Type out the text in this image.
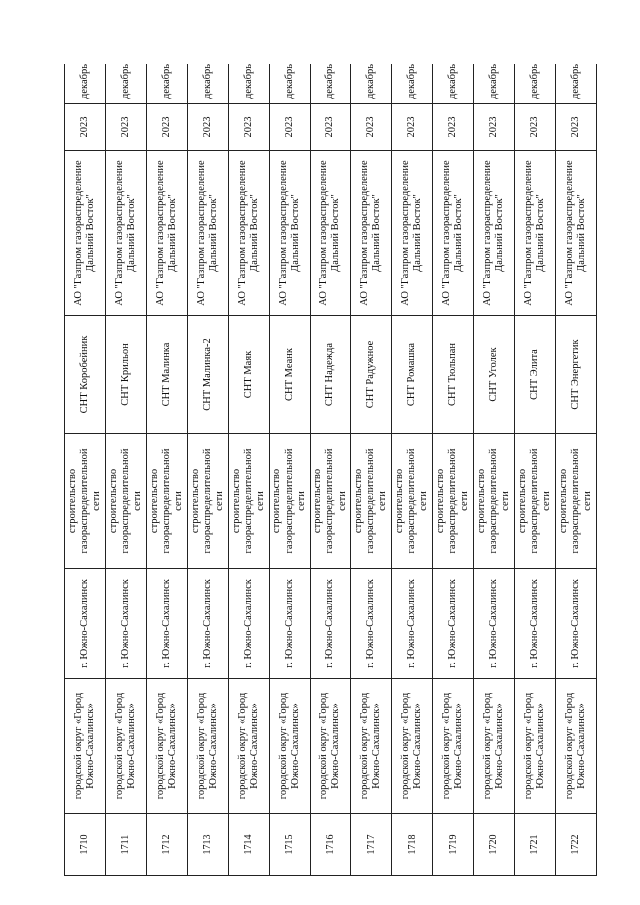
1710	городской округ «Город Южно-Сахалинск»	г. Южно-Сахалинск	строительство газораспределительной сети	СНТ Коробейник	АО "Газпром газораспределение Дальний Восток"	2023	декабрь
1711	городской округ «Город Южно-Сахалинск»	г. Южно-Сахалинск	строительство газораспределительной сети	СНТ Крильон	АО "Газпром газораспределение Дальний Восток"	2023	декабрь
1712	городской округ «Город Южно-Сахалинск»	г. Южно-Сахалинск	строительство газораспределительной сети	СНТ Малинка	АО "Газпром газораспределение Дальний Восток"	2023	декабрь
1713	городской округ «Город Южно-Сахалинск»	г. Южно-Сахалинск	строительство газораспределительной сети	СНТ Малинка-2	АО "Газпром газораспределение Дальний Восток"	2023	декабрь
1714	городской округ «Город Южно-Сахалинск»	г. Южно-Сахалинск	строительство газораспределительной сети	СНТ Маяк	АО "Газпром газораспределение Дальний Восток"	2023	декабрь
1715	городской округ «Город Южно-Сахалинск»	г. Южно-Сахалинск	строительство газораспределительной сети	СНТ Меанк	АО "Газпром газораспределение Дальний Восток"	2023	декабрь
1716	городской округ «Город Южно-Сахалинск»	г. Южно-Сахалинск	строительство газораспределительной сети	СНТ Надежда	АО "Газпром газораспределение Дальний Восток"	2023	декабрь
1717	городской округ «Город Южно-Сахалинск»	г. Южно-Сахалинск	строительство газораспределительной сети	СНТ Радужное	АО "Газпром газораспределение Дальний Восток"	2023	декабрь
1718	городской округ «Город Южно-Сахалинск»	г. Южно-Сахалинск	строительство газораспределительной сети	СНТ Ромашка	АО "Газпром газораспределение Дальний Восток"	2023	декабрь
1719	городской округ «Город Южно-Сахалинск»	г. Южно-Сахалинск	строительство газораспределительной сети	СНТ Тюльпан	АО "Газпром газораспределение Дальний Восток"	2023	декабрь
1720	городской округ «Город Южно-Сахалинск»	г. Южно-Сахалинск	строительство газораспределительной сети	СНТ Уголек	АО "Газпром газораспределение Дальний Восток"	2023	декабрь
1721	городской округ «Город Южно-Сахалинск»	г. Южно-Сахалинск	строительство газораспределительной сети	СНТ Элита	АО "Газпром газораспределение Дальний Восток"	2023	декабрь
1722	городской округ «Город Южно-Сахалинск»	г. Южно-Сахалинск	строительство газораспределительной сети	СНТ Энергетик	АО "Газпром газораспределение Дальний Восток"	2023	декабрь
